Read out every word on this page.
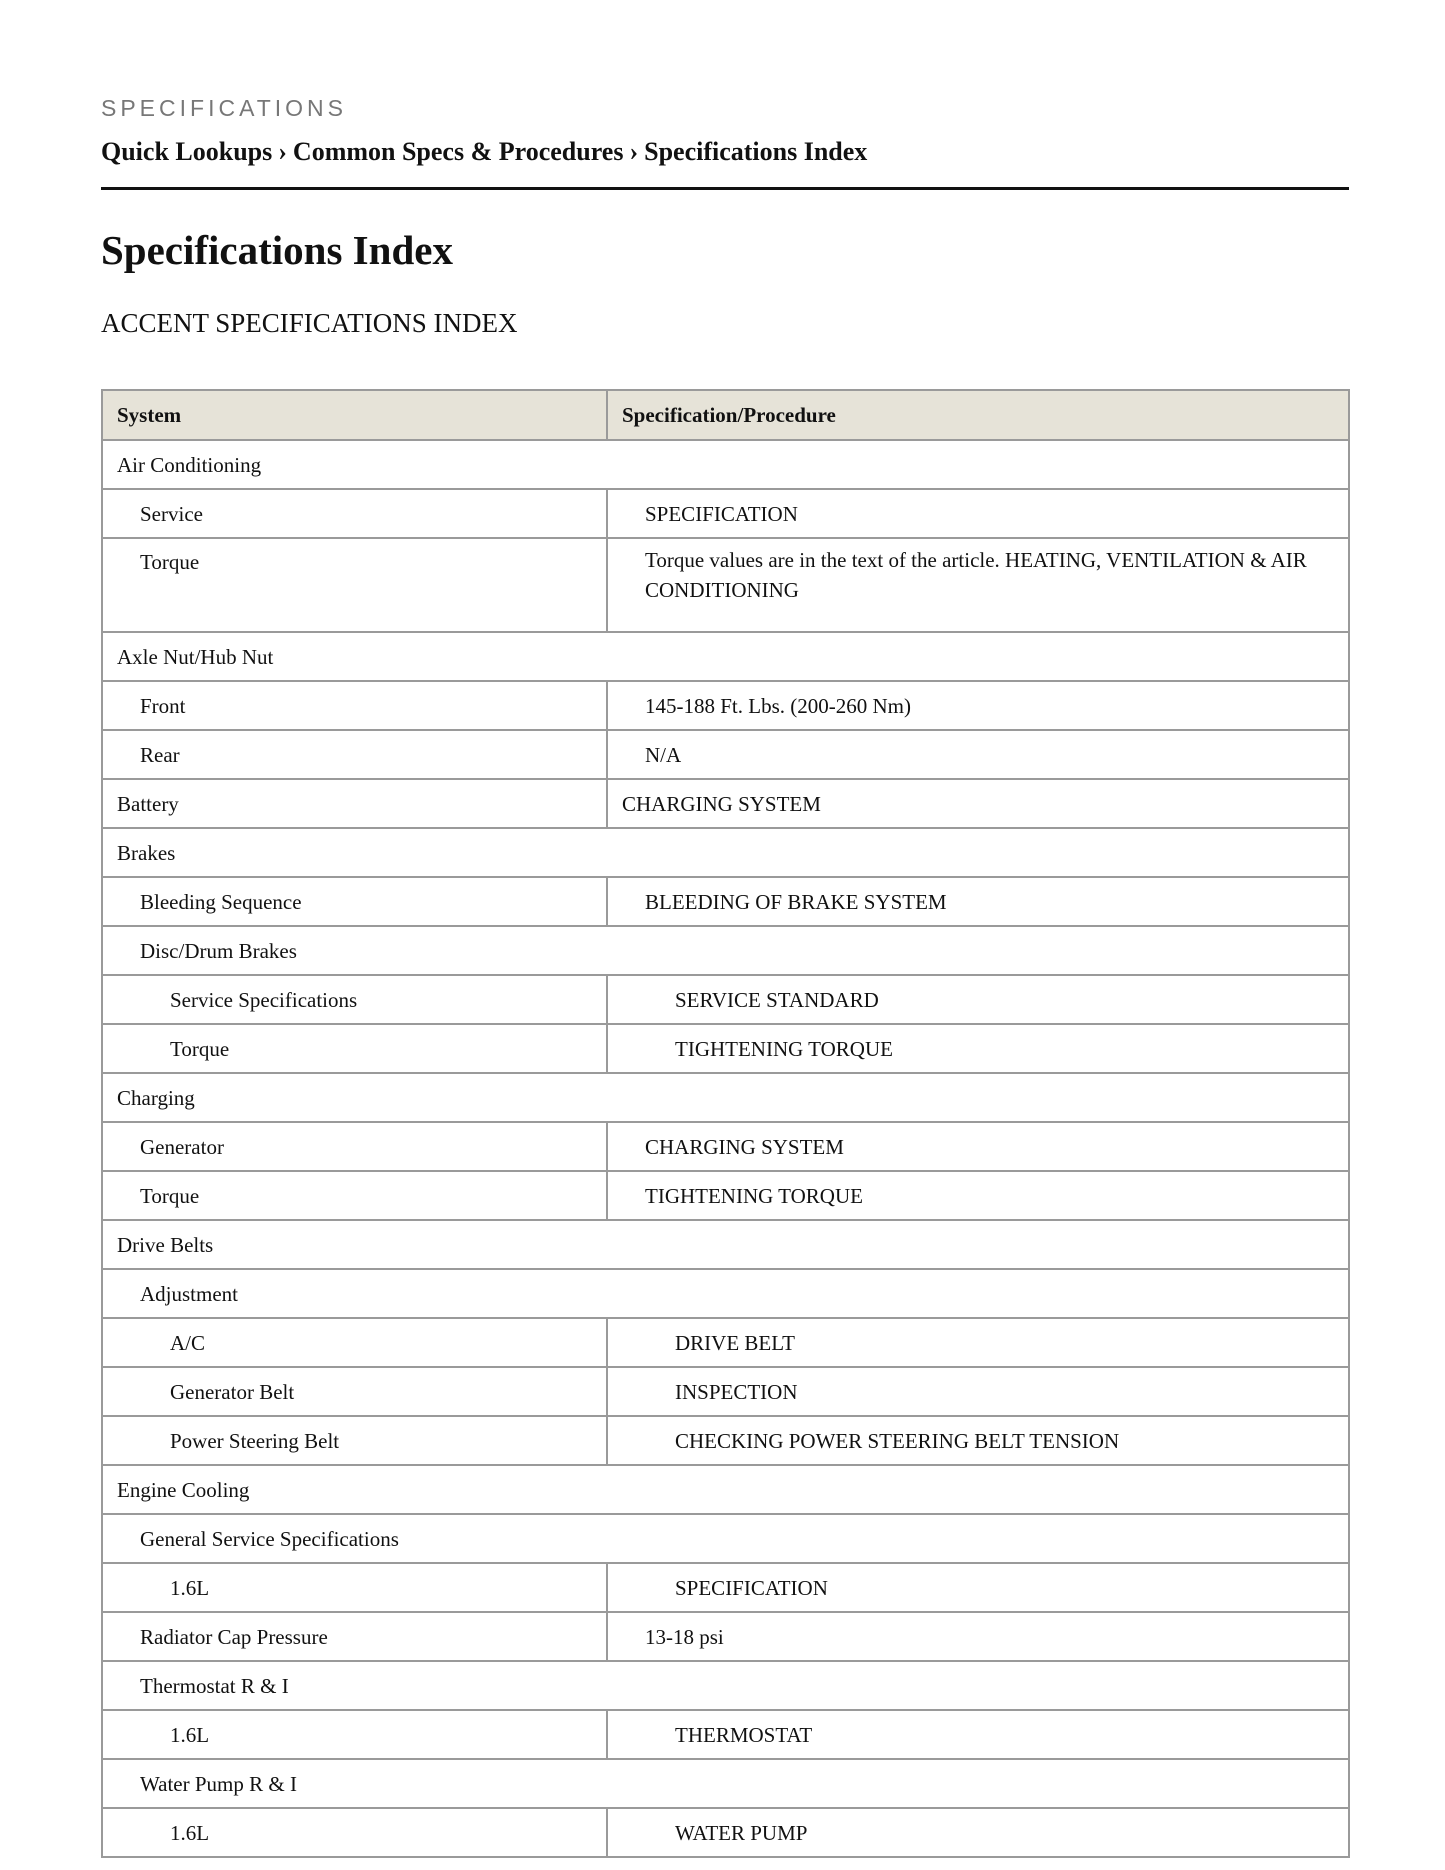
SPECIFICATIONS
Quick Lookups › Common Specs & Procedures › Specifications Index
Specifications Index
ACCENT SPECIFICATIONS INDEX
System	Specification/Procedure
Air Conditioning	
Service	SPECIFICATION
Torque	Torque values are in the text of the article. HEATING, VENTILATION & AIR CONDITIONING
Axle Nut/Hub Nut	
Front	145-188 Ft. Lbs. (200-260 Nm)
Rear	N/A
Battery	CHARGING SYSTEM
Brakes	
Bleeding Sequence	BLEEDING OF BRAKE SYSTEM
Disc/Drum Brakes	
Service Specifications	SERVICE STANDARD
Torque	TIGHTENING TORQUE
Charging	
Generator	CHARGING SYSTEM
Torque	TIGHTENING TORQUE
Drive Belts	
Adjustment	
A/C	DRIVE BELT
Generator Belt	INSPECTION
Power Steering Belt	CHECKING POWER STEERING BELT TENSION
Engine Cooling	
General Service Specifications	
1.6L	SPECIFICATION
Radiator Cap Pressure	13-18 psi
Thermostat R & I	
1.6L	THERMOSTAT
Water Pump R & I	
1.6L	WATER PUMP
